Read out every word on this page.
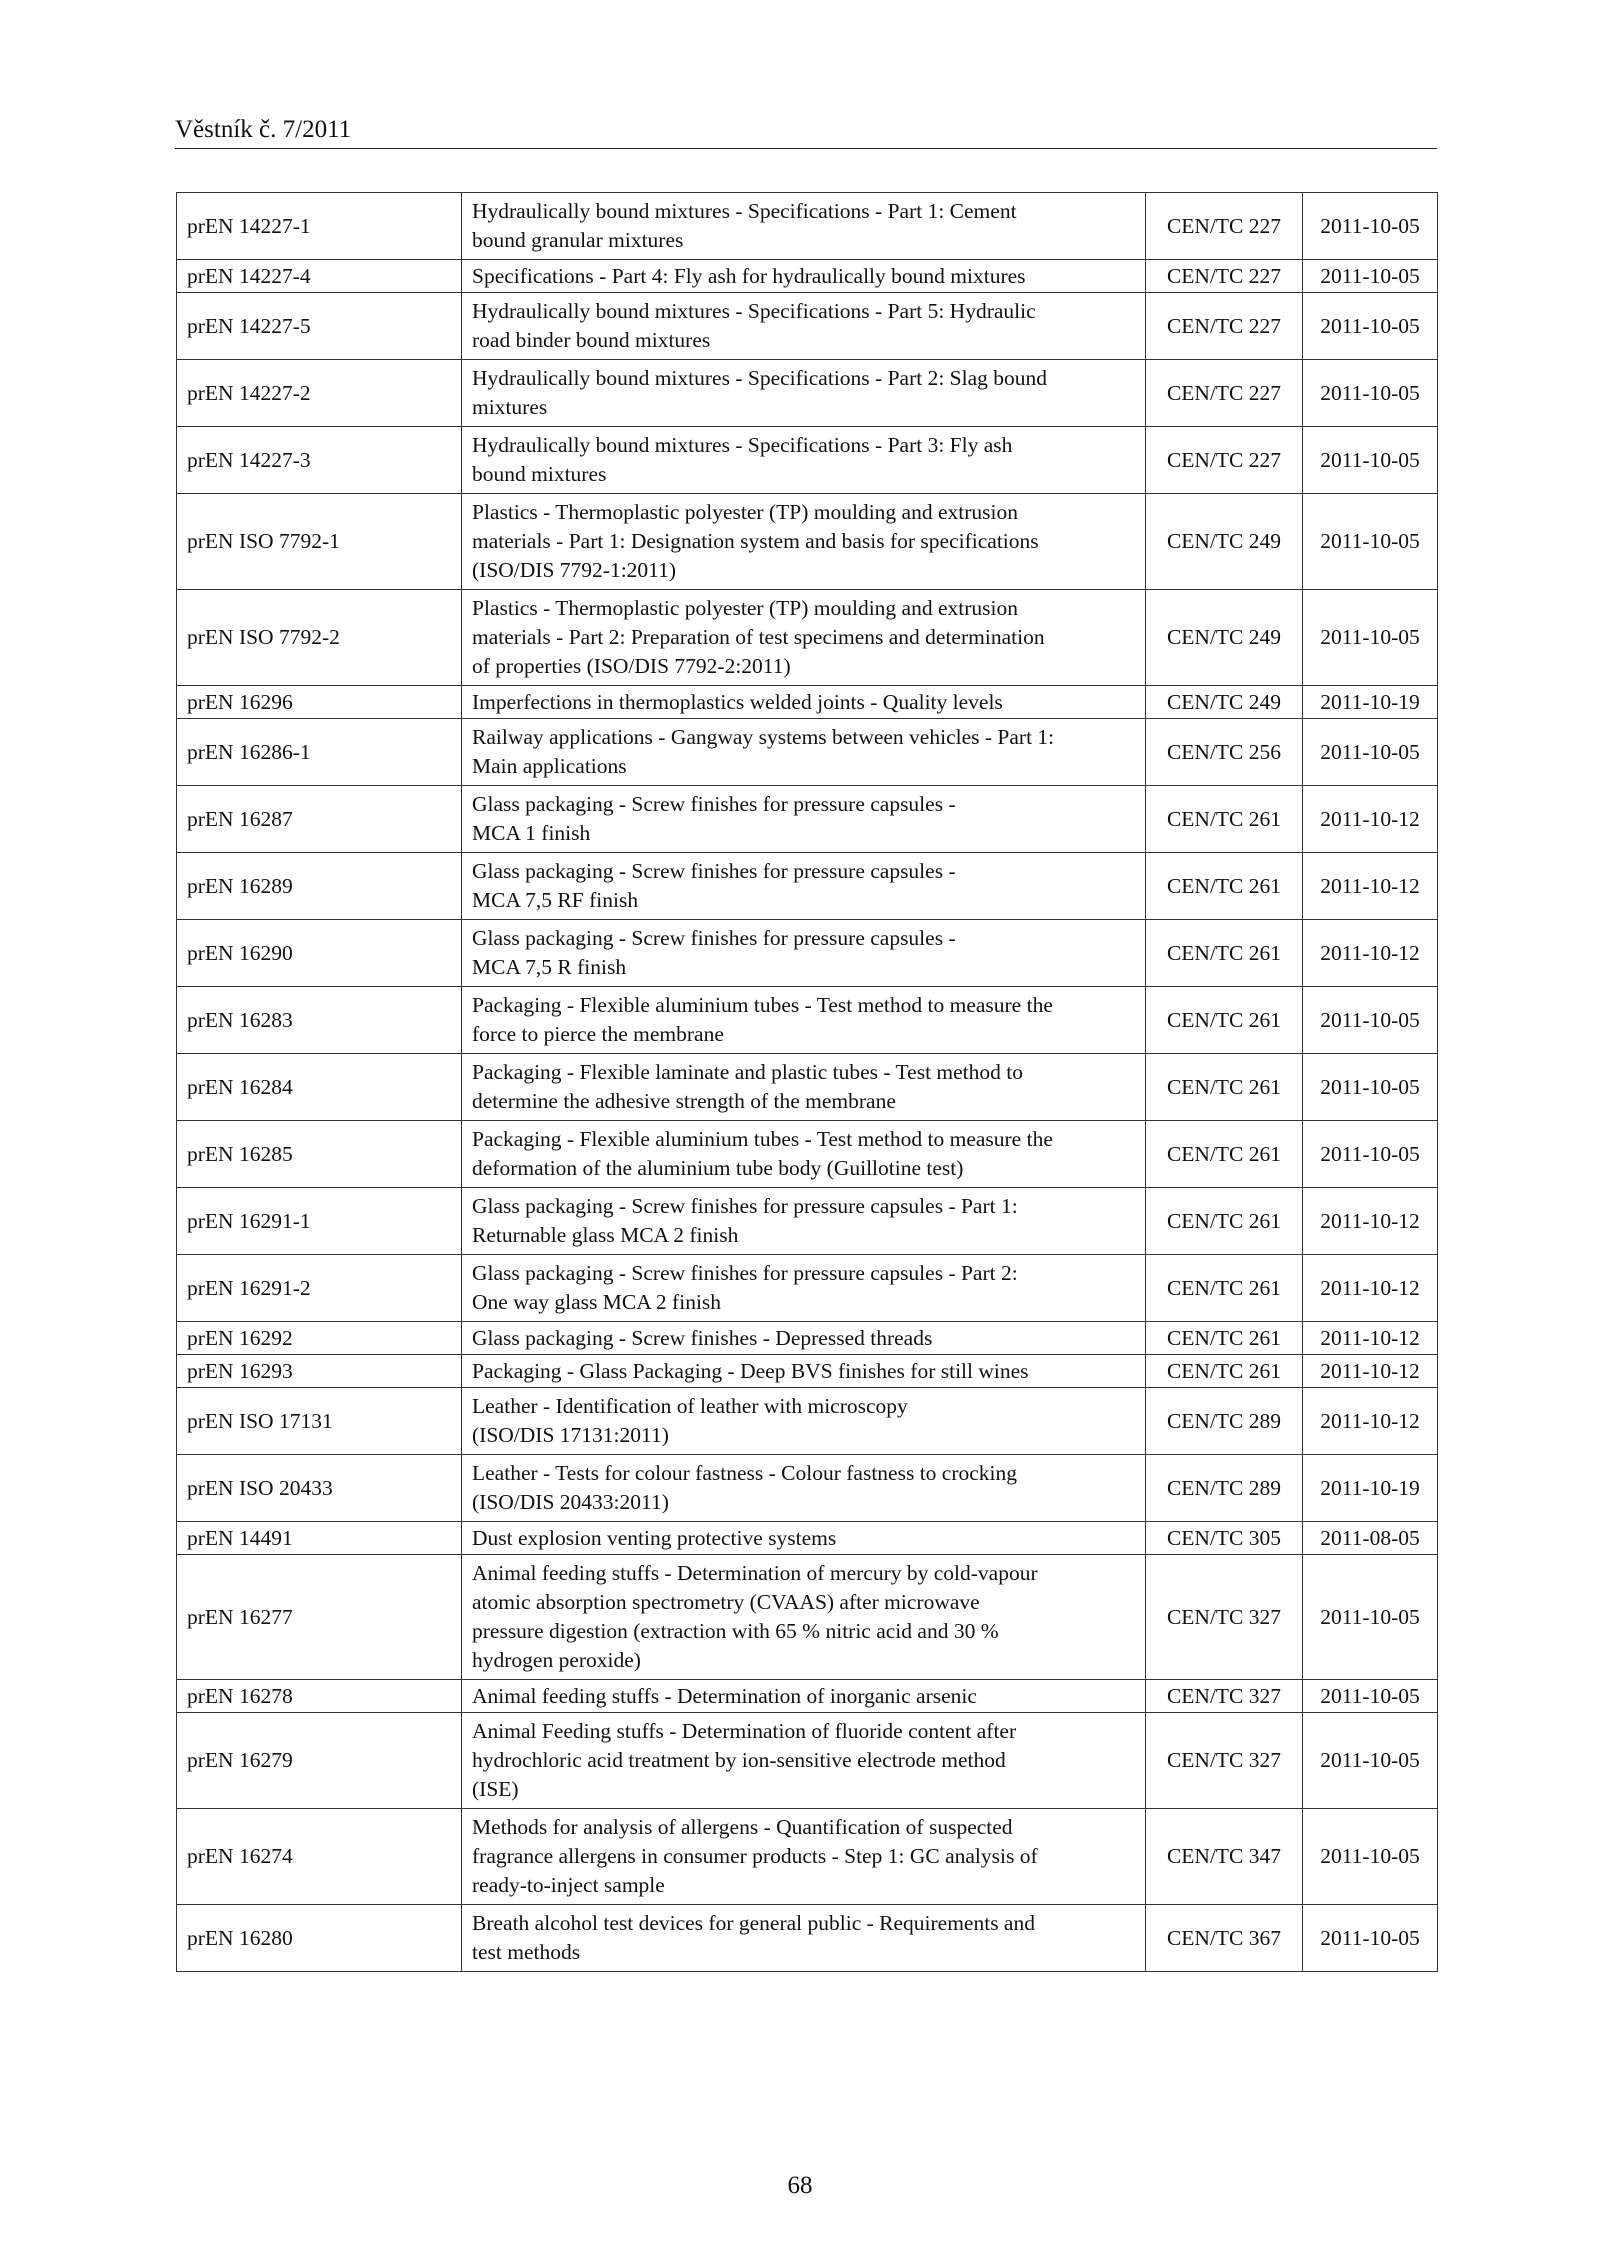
Věstník č. 7/2011
prEN 14227-1	Hydraulically bound mixtures - Specifications - Part 1: Cement
bound granular mixtures	CEN/TC 227	2011-10-05
prEN 14227-4	Specifications - Part 4: Fly ash for hydraulically bound mixtures	CEN/TC 227	2011-10-05
prEN 14227-5	Hydraulically bound mixtures - Specifications - Part 5: Hydraulic
road binder bound mixtures	CEN/TC 227	2011-10-05
prEN 14227-2	Hydraulically bound mixtures - Specifications - Part 2: Slag bound
mixtures	CEN/TC 227	2011-10-05
prEN 14227-3	Hydraulically bound mixtures - Specifications - Part 3: Fly ash
bound mixtures	CEN/TC 227	2011-10-05
prEN ISO 7792-1	Plastics - Thermoplastic polyester (TP) moulding and extrusion
materials - Part 1: Designation system and basis for specifications
(ISO/DIS 7792-1:2011)	CEN/TC 249	2011-10-05
prEN ISO 7792-2	Plastics - Thermoplastic polyester (TP) moulding and extrusion
materials - Part 2: Preparation of test specimens and determination
of properties (ISO/DIS 7792-2:2011)	CEN/TC 249	2011-10-05
prEN 16296	Imperfections in thermoplastics welded joints - Quality levels	CEN/TC 249	2011-10-19
prEN 16286-1	Railway applications - Gangway systems between vehicles - Part 1:
Main applications	CEN/TC 256	2011-10-05
prEN 16287	Glass packaging - Screw finishes for pressure capsules -
MCA 1 finish	CEN/TC 261	2011-10-12
prEN 16289	Glass packaging - Screw finishes for pressure capsules -
MCA 7,5 RF finish	CEN/TC 261	2011-10-12
prEN 16290	Glass packaging - Screw finishes for pressure capsules -
MCA 7,5 R finish	CEN/TC 261	2011-10-12
prEN 16283	Packaging - Flexible aluminium tubes - Test method to measure the
force to pierce the membrane	CEN/TC 261	2011-10-05
prEN 16284	Packaging - Flexible laminate and plastic tubes - Test method to
determine the adhesive strength of the membrane	CEN/TC 261	2011-10-05
prEN 16285	Packaging - Flexible aluminium tubes - Test method to measure the
deformation of the aluminium tube body (Guillotine test)	CEN/TC 261	2011-10-05
prEN 16291-1	Glass packaging - Screw finishes for pressure capsules - Part 1:
Returnable glass MCA 2 finish	CEN/TC 261	2011-10-12
prEN 16291-2	Glass packaging - Screw finishes for pressure capsules - Part 2:
One way glass MCA 2 finish	CEN/TC 261	2011-10-12
prEN 16292	Glass packaging - Screw finishes - Depressed threads	CEN/TC 261	2011-10-12
prEN 16293	Packaging - Glass Packaging - Deep BVS finishes for still wines	CEN/TC 261	2011-10-12
prEN ISO 17131	Leather - Identification of leather with microscopy
(ISO/DIS 17131:2011)	CEN/TC 289	2011-10-12
prEN ISO 20433	Leather - Tests for colour fastness - Colour fastness to crocking
(ISO/DIS 20433:2011)	CEN/TC 289	2011-10-19
prEN 14491	Dust explosion venting protective systems	CEN/TC 305	2011-08-05
prEN 16277	Animal feeding stuffs - Determination of mercury by cold-vapour
atomic absorption spectrometry (CVAAS) after microwave
pressure digestion (extraction with 65 % nitric acid and 30 %
hydrogen peroxide)	CEN/TC 327	2011-10-05
prEN 16278	Animal feeding stuffs - Determination of inorganic arsenic	CEN/TC 327	2011-10-05
prEN 16279	Animal Feeding stuffs - Determination of fluoride content after
hydrochloric acid treatment by ion-sensitive electrode method
(ISE)	CEN/TC 327	2011-10-05
prEN 16274	Methods for analysis of allergens - Quantification of suspected
fragrance allergens in consumer products - Step 1: GC analysis of
ready-to-inject sample	CEN/TC 347	2011-10-05
prEN 16280	Breath alcohol test devices for general public - Requirements and
test methods	CEN/TC 367	2011-10-05
68
